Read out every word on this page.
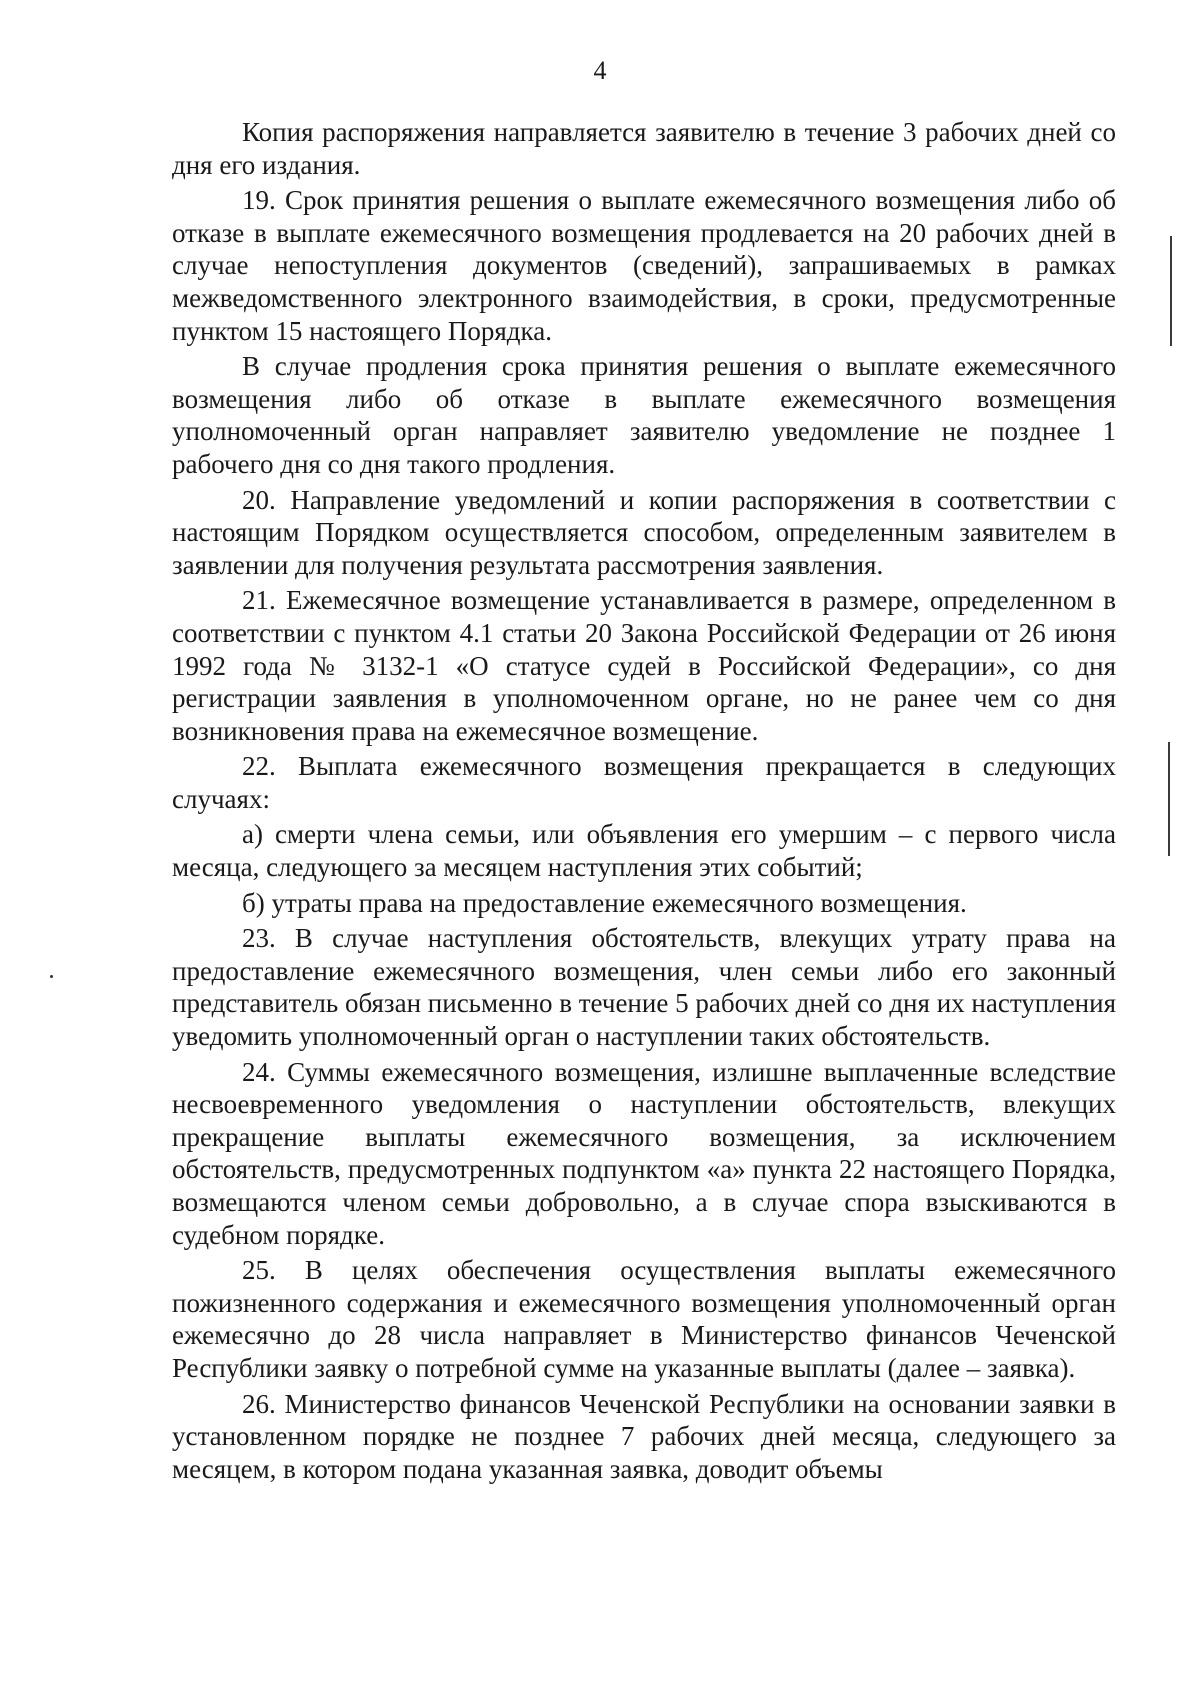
4

Копия распоряжения направляется заявителю в течение 3 рабочих дней со дня его издания.

19. Срок принятия решения о выплате ежемесячного возмещения либо об отказе в выплате ежемесячного возмещения продлевается на 20 рабочих дней в случае непоступления документов (сведений), запрашиваемых в рамках межведомственного электронного взаимодействия, в сроки, предусмотренные пунктом 15 настоящего Порядка.

В случае продления срока принятия решения о выплате ежемесячного возмещения либо об отказе в выплате ежемесячного возмещения уполномоченный орган направляет заявителю уведомление не позднее 1 рабочего дня со дня такого продления.

20. Направление уведомлений и копии распоряжения в соответствии с настоящим Порядком осуществляется способом, определенным заявителем в заявлении для получения результата рассмотрения заявления.

21. Ежемесячное возмещение устанавливается в размере, определенном в соответствии с пунктом 4.1 статьи 20 Закона Российской Федерации от 26 июня 1992 года № 3132-1 «О статусе судей в Российской Федерации», со дня регистрации заявления в уполномоченном органе, но не ранее чем со дня возникновения права на ежемесячное возмещение.

22. Выплата ежемесячного возмещения прекращается в следующих случаях:

а) смерти члена семьи, или объявления его умершим – с первого числа месяца, следующего за месяцем наступления этих событий;

б) утраты права на предоставление ежемесячного возмещения.

23. В случае наступления обстоятельств, влекущих утрату права на предоставление ежемесячного возмещения, член семьи либо его законный представитель обязан письменно в течение 5 рабочих дней со дня их наступления уведомить уполномоченный орган о наступлении таких обстоятельств.

24. Суммы ежемесячного возмещения, излишне выплаченные вследствие несвоевременного уведомления о наступлении обстоятельств, влекущих прекращение выплаты ежемесячного возмещения, за исключением обстоятельств, предусмотренных подпунктом «а» пункта 22 настоящего Порядка, возмещаются членом семьи добровольно, а в случае спора взыскиваются в судебном порядке.

25. В целях обеспечения осуществления выплаты ежемесячного пожизненного содержания и ежемесячного возмещения уполномоченный орган ежемесячно до 28 числа направляет в Министерство финансов Чеченской Республики заявку о потребной сумме на указанные выплаты (далее – заявка).

26. Министерство финансов Чеченской Республики на основании заявки в установленном порядке не позднее 7 рабочих дней месяца, следующего за месяцем, в котором подана указанная заявка, доводит объемы
